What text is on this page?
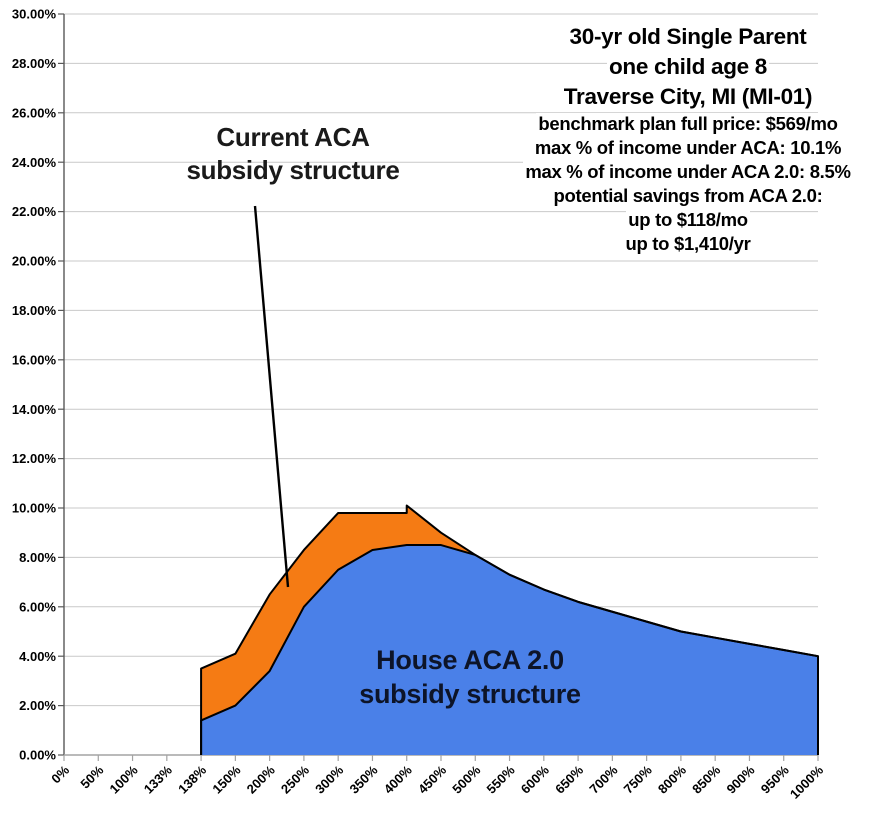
30.00%
28.00%
26.00%
24.00%
22.00%
20.00%
18.00%
16.00%
14.00%
12.00%
10.00%
8.00%
6.00%
4.00%
2.00%
0.00%
0% 50% 100% 133% 138% 150% 200% 250% 300% 350% 400% 450% 500% 550% 600% 650% 700% 750% 800% 850% 900% 950%
1000%
Current ACA
subsidy structure
House ACA 2.0
subsidy structure
30-yr old Single Parent
one child age 8
Traverse City, MI (MI-01)
benchmark plan full price: $569/mo
max % of income under ACA: 10.1%
max % of income under ACA 2.0: 8.5%
potential savings from ACA 2.0:
up to $118/mo
up to $1,410/yr
